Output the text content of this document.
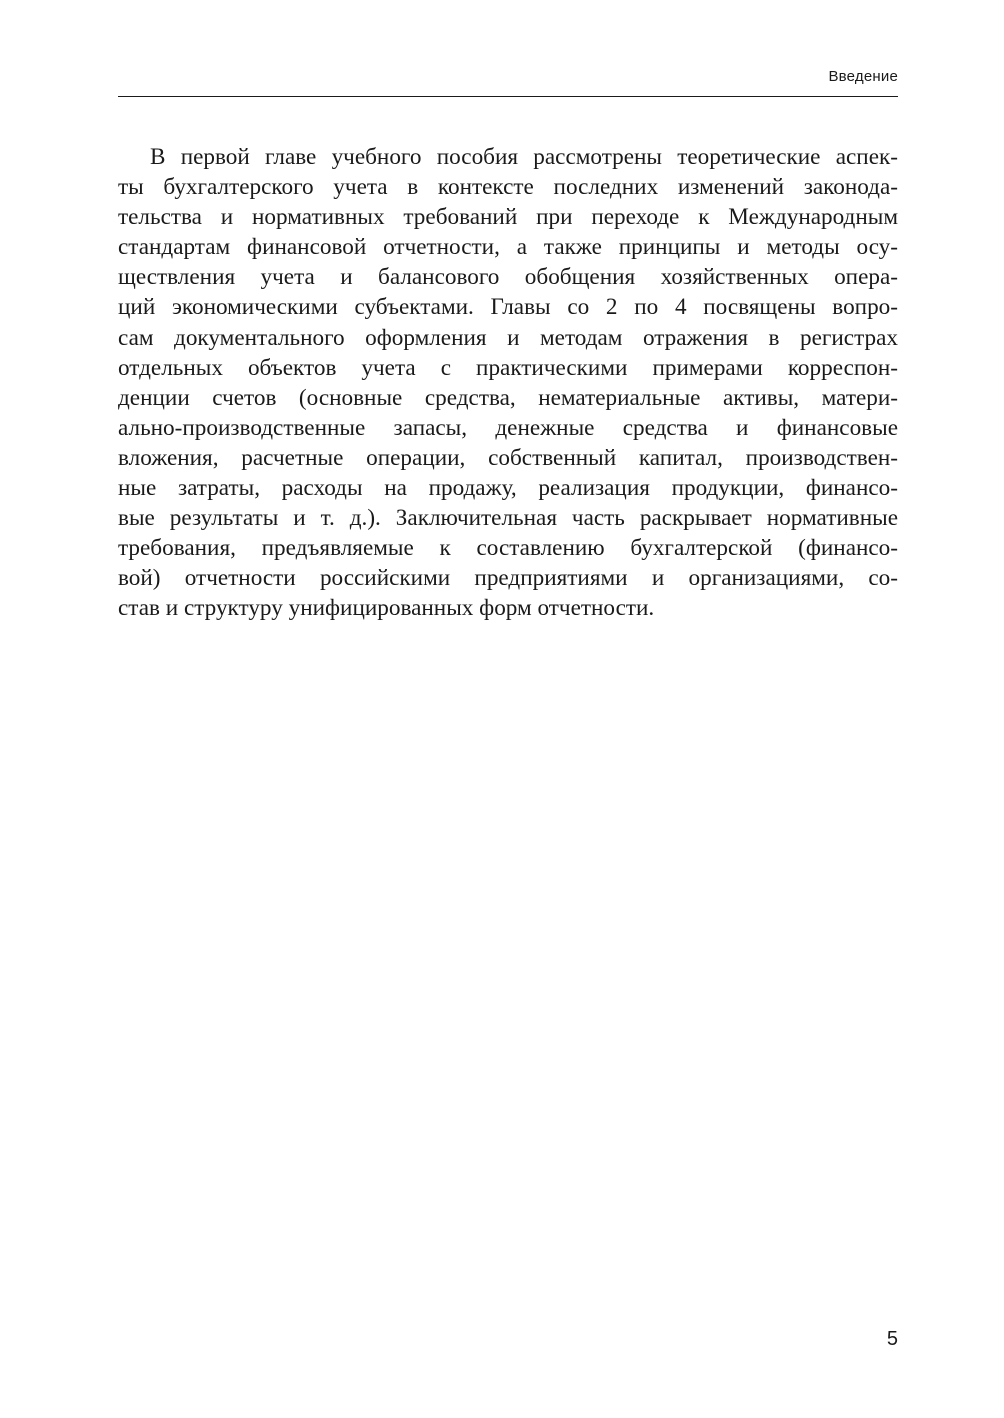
Введение
В первой главе учебного пособия рассмотрены теоретические аспек-
ты бухгалтерского учета в контексте последних изменений законода-
тельства и нормативных требований при переходе к Международным
стандартам финансовой отчетности, а также принципы и методы осу-
ществления учета и балансового обобщения хозяйственных опера-
ций экономическими субъектами. Главы со 2 по 4 посвящены вопро-
сам документального оформления и методам отражения в регистрах
отдельных объектов учета с практическими примерами корреспон-
денции счетов (основные средства, нематериальные активы, матери-
ально-производственные запасы, денежные средства и финансовые
вложения, расчетные операции, собственный капитал, производствен-
ные затраты, расходы на продажу, реализация продукции, финансо-
вые результаты и т. д.). Заключительная часть раскрывает нормативные
требования, предъявляемые к составлению бухгалтерской (финансо-
вой) отчетности российскими предприятиями и организациями, со-
став и структуру унифицированных форм отчетности.
5
